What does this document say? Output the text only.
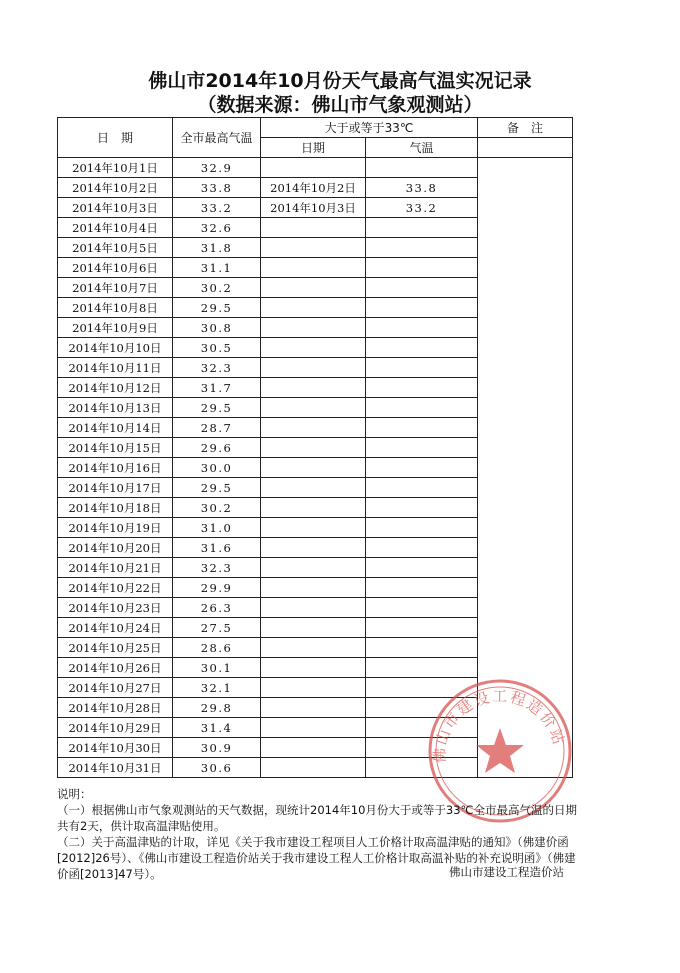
佛山市2014年10月份天气最高气温实况记录
（数据来源：佛山市气象观测站）
日　期	全市最高气温	大于或等于33℃		备　注
		日期	气温	
2014年10月1日	32.9			
2014年10月2日	33.8	2014年10月2日	33.8	
2014年10月3日	33.2	2014年10月3日	33.2	
2014年10月4日	32.6			
2014年10月5日	31.8			
2014年10月6日	31.1			
2014年10月7日	30.2			
2014年10月8日	29.5			
2014年10月9日	30.8			
2014年10月10日	30.5			
2014年10月11日	32.3			
2014年10月12日	31.7			
2014年10月13日	29.5			
2014年10月14日	28.7			
2014年10月15日	29.6			
2014年10月16日	30.0			
2014年10月17日	29.5			
2014年10月18日	30.2			
2014年10月19日	31.0			
2014年10月20日	31.6			
2014年10月21日	32.3			
2014年10月22日	29.9			
2014年10月23日	26.3			
2014年10月24日	27.5			
2014年10月25日	28.6			
2014年10月26日	30.1			
2014年10月27日	32.1			
2014年10月28日	29.8			
2014年10月29日	31.4			
2014年10月30日	30.9			
2014年10月31日	30.6			
佛山市建设工程造价站

说明：

（一）根据佛山市气象观测站的天气数据，现统计2014年10月份大于或等于33℃全市最高气温的日期共有2天，供计取高温津贴使用。

（二）关于高温津贴的计取，详见《关于我市建设工程项目人工价格计取高温津贴的通知》（佛建价函[2012]26号）、《佛山市建设工程造价站关于我市建设工程人工价格计取高温补贴的补充说明函》（佛建价函[2013]47号）。	佛山市建设工程造价站
